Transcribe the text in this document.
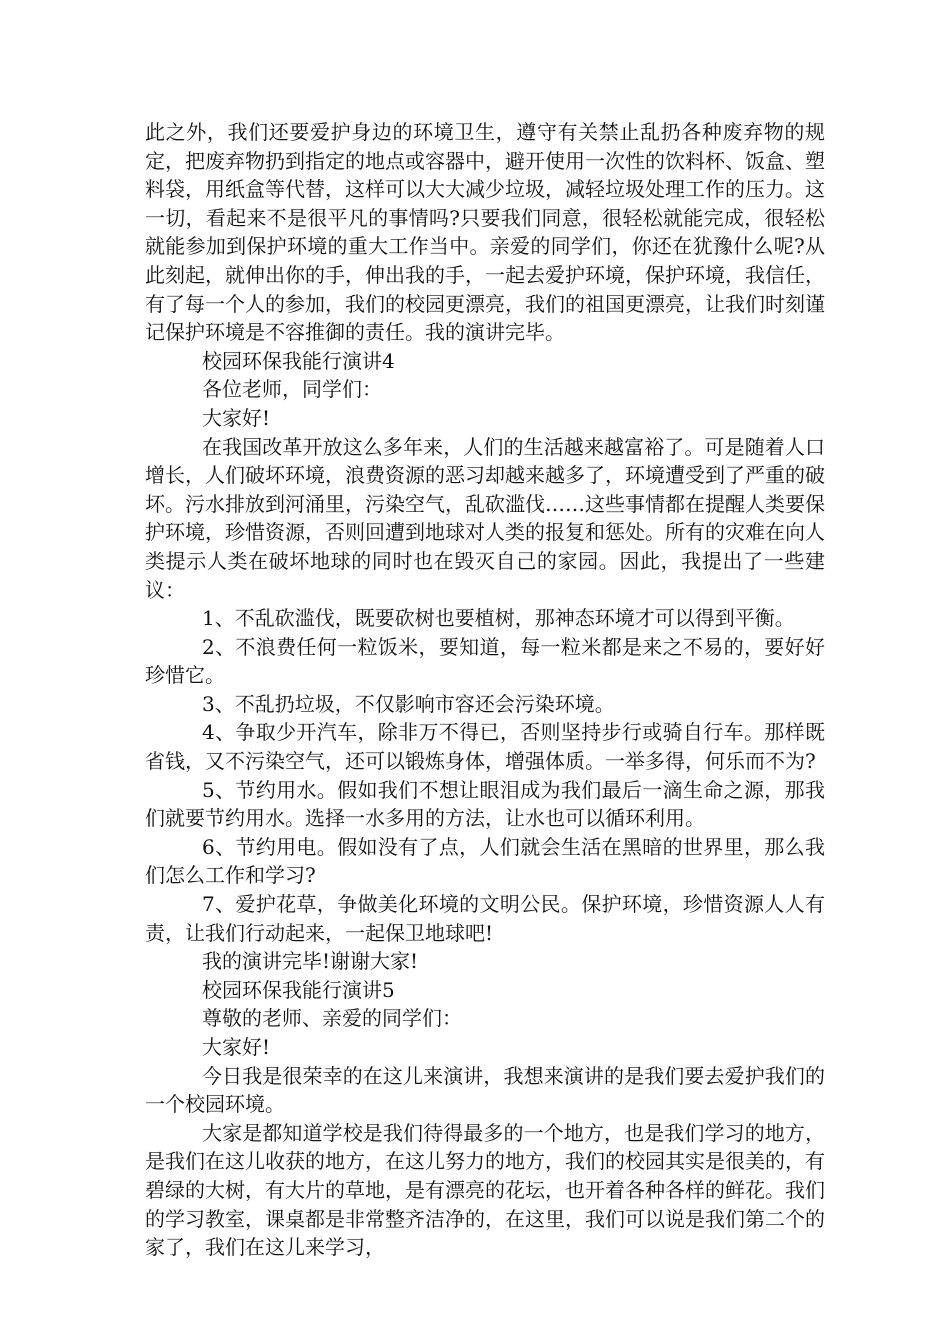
此之外，我们还要爱护身边的环境卫生，遵守有关禁止乱扔各种废弃物的规定，把废弃物扔到指定的地点或容器中，避开使用一次性的饮料杯、饭盒、塑料袋，用纸盒等代替，这样可以大大减少垃圾，减轻垃圾处理工作的压力。这一切，看起来不是很平凡的事情吗?只要我们同意，很轻松就能完成，很轻松就能参加到保护环境的重大工作当中。亲爱的同学们，你还在犹豫什么呢?从此刻起，就伸出你的手，伸出我的手，一起去爱护环境，保护环境，我信任，有了每一个人的参加，我们的校园更漂亮，我们的祖国更漂亮，让我们时刻谨记保护环境是不容推御的责任。我的演讲完毕。

校园环保我能行演讲4

各位老师，同学们：

大家好!

在我国改革开放这么多年来，人们的生活越来越富裕了。可是随着人口增长，人们破坏环境，浪费资源的恶习却越来越多了，环境遭受到了严重的破坏。污水排放到河涌里，污染空气，乱砍滥伐……这些事情都在提醒人类要保护环境，珍惜资源，否则回遭到地球对人类的报复和惩处。所有的灾难在向人类提示人类在破坏地球的同时也在毁灭自己的家园。因此，我提出了一些建议：

1、不乱砍滥伐，既要砍树也要植树，那神态环境才可以得到平衡。

2、不浪费任何一粒饭米，要知道，每一粒米都是来之不易的，要好好珍惜它。

3、不乱扔垃圾，不仅影响市容还会污染环境。

4、争取少开汽车，除非万不得已，否则坚持步行或骑自行车。那样既省钱，又不污染空气，还可以锻炼身体，增强体质。一举多得，何乐而不为?

5、节约用水。假如我们不想让眼泪成为我们最后一滴生命之源，那我们就要节约用水。选择一水多用的方法，让水也可以循环利用。

6、节约用电。假如没有了点，人们就会生活在黑暗的世界里，那么我们怎么工作和学习?

7、爱护花草，争做美化环境的文明公民。保护环境，珍惜资源人人有责，让我们行动起来，一起保卫地球吧!

我的演讲完毕!谢谢大家!

校园环保我能行演讲5

尊敬的老师、亲爱的同学们：

大家好!

今日我是很荣幸的在这儿来演讲，我想来演讲的是我们要去爱护我们的一个校园环境。

大家是都知道学校是我们待得最多的一个地方，也是我们学习的地方，是我们在这儿收获的地方，在这儿努力的地方，我们的校园其实是很美的，有碧绿的大树，有大片的草地，是有漂亮的花坛，也开着各种各样的鲜花。我们的学习教室，课桌都是非常整齐洁净的，在这里，我们可以说是我们第二个的家了，我们在这儿来学习，
